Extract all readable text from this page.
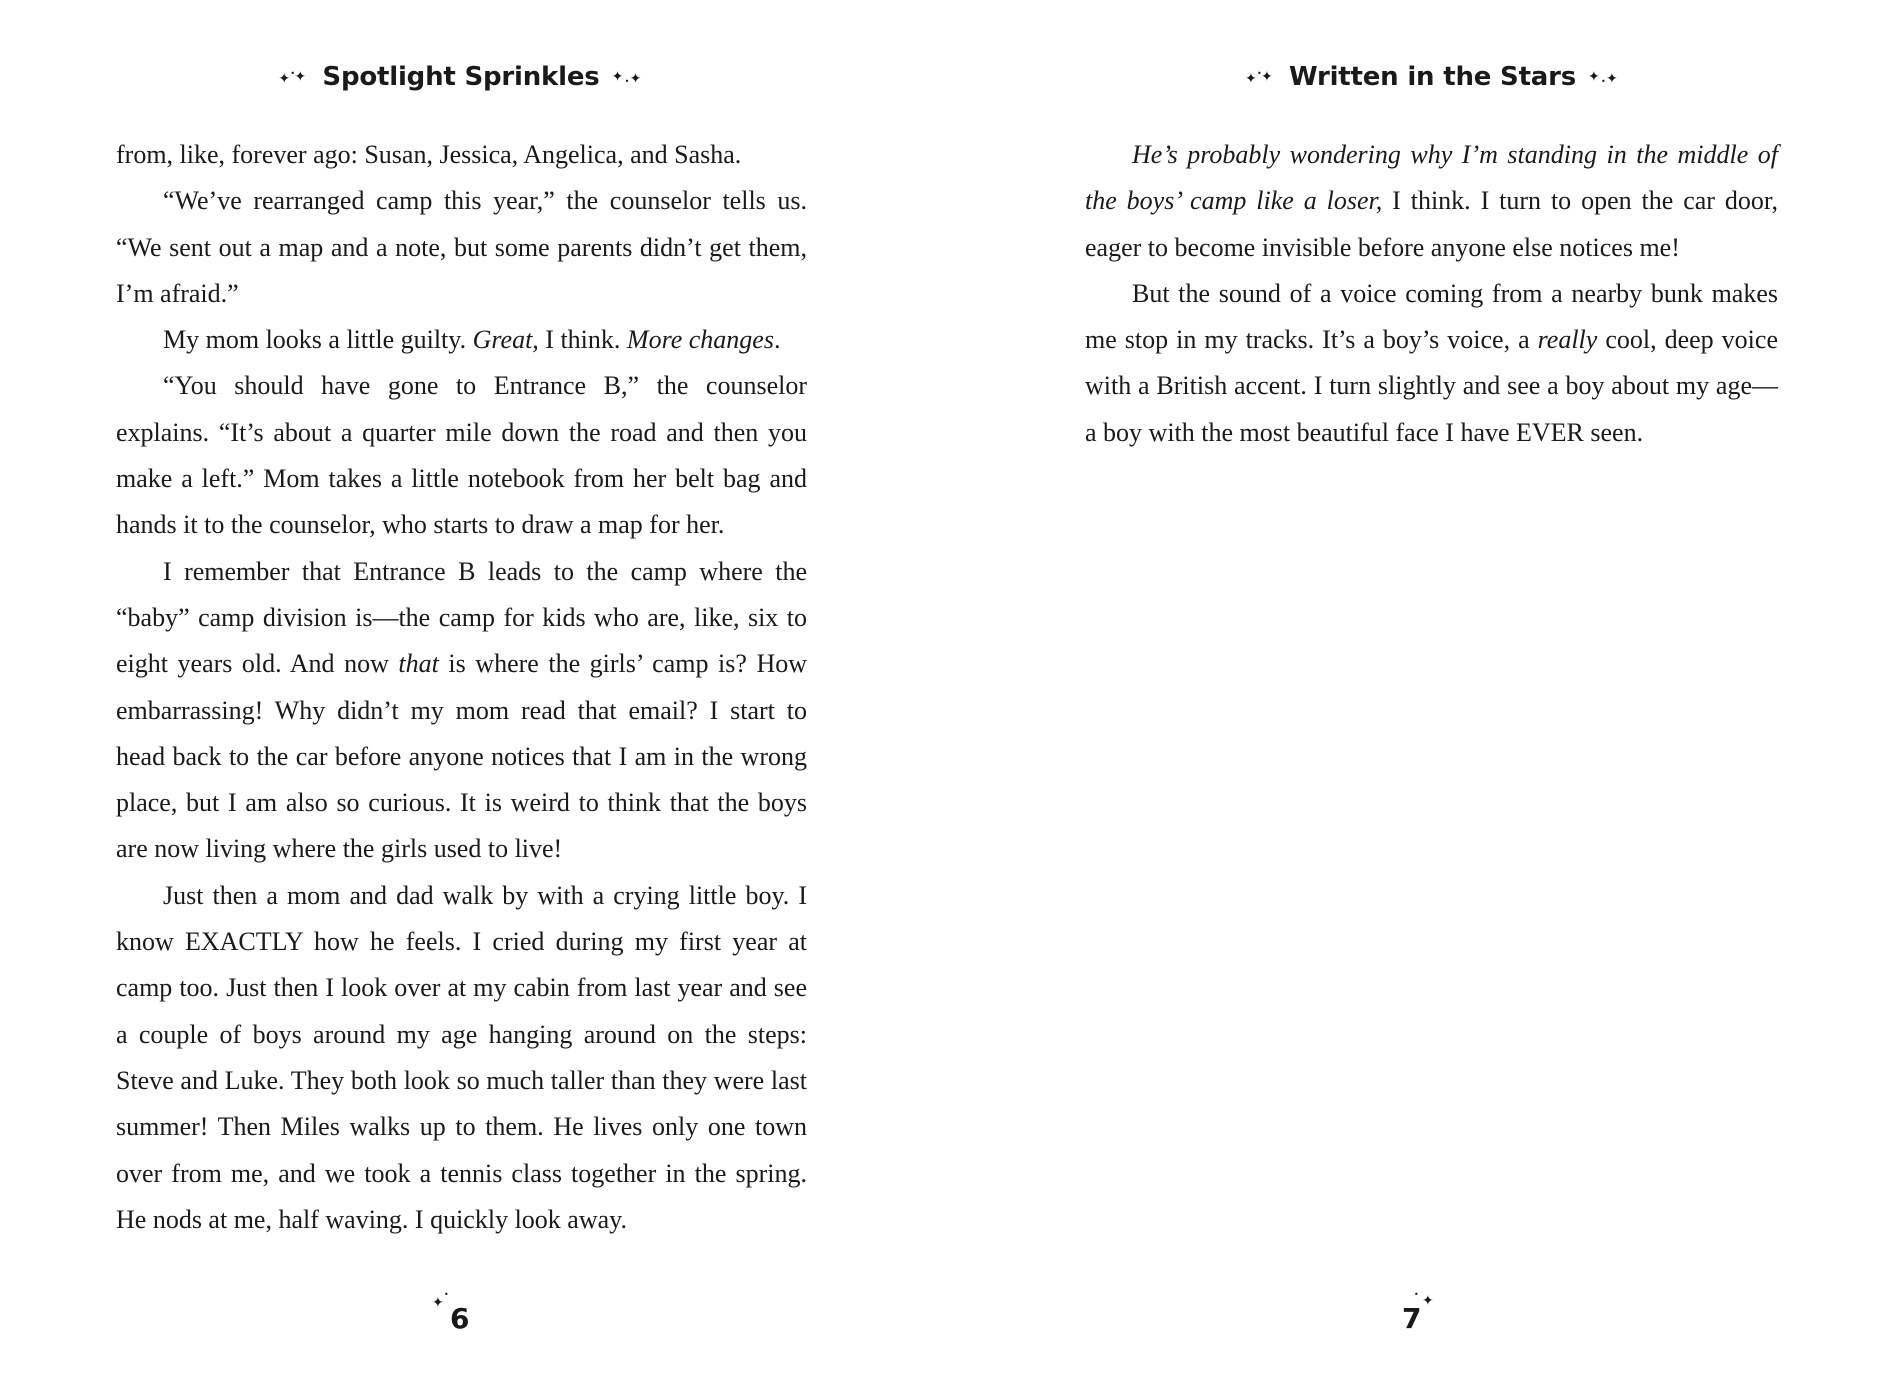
✦ • ✦ Spotlight Sprinkles ✦ • ✦

from, like, forever ago: Susan, Jessica, Angelica, and Sasha.

“We’ve rearranged camp this year,” the counselor tells us. “We sent out a map and a note, but some parents didn’t get them, I’m afraid.”

My mom looks a little guilty. Great, I think. More changes.

“You should have gone to Entrance B,” the counselor explains. “It’s about a quarter mile down the road and then you make a left.” Mom takes a little notebook from her belt bag and hands it to the counselor, who starts to draw a map for her.

I remember that Entrance B leads to the camp where the “baby” camp division is—the camp for kids who are, like, six to eight years old. And now that is where the girls’ camp is? How embarrassing! Why didn’t my mom read that email? I start to head back to the car before anyone notices that I am in the wrong place, but I am also so curious. It is weird to think that the boys are now living where the girls used to live!

Just then a mom and dad walk by with a crying little boy. I know EXACTLY how he feels. I cried during my first year at camp too. Just then I look over at my cabin from last year and see a couple of boys around my age hanging around on the steps: Steve and Luke. They both look so much taller than they were last summer! Then Miles walks up to them. He lives only one town over from me, and we took a tennis class together in the spring. He nods at me, half waving. I quickly look away.

✦
•
6
✦ • ✦ Written in the Stars ✦ • ✦

He’s probably wondering why I’m standing in the middle of the boys’ camp like a loser, I think. I turn to open the car door, eager to become invisible before anyone else notices me!

But the sound of a voice coming from a nearby bunk makes me stop in my tracks. It’s a boy’s voice, a really cool, deep voice with a British accent. I turn slightly and see a boy about my age—a boy with the most beautiful face I have EVER seen.

7
• ✦
